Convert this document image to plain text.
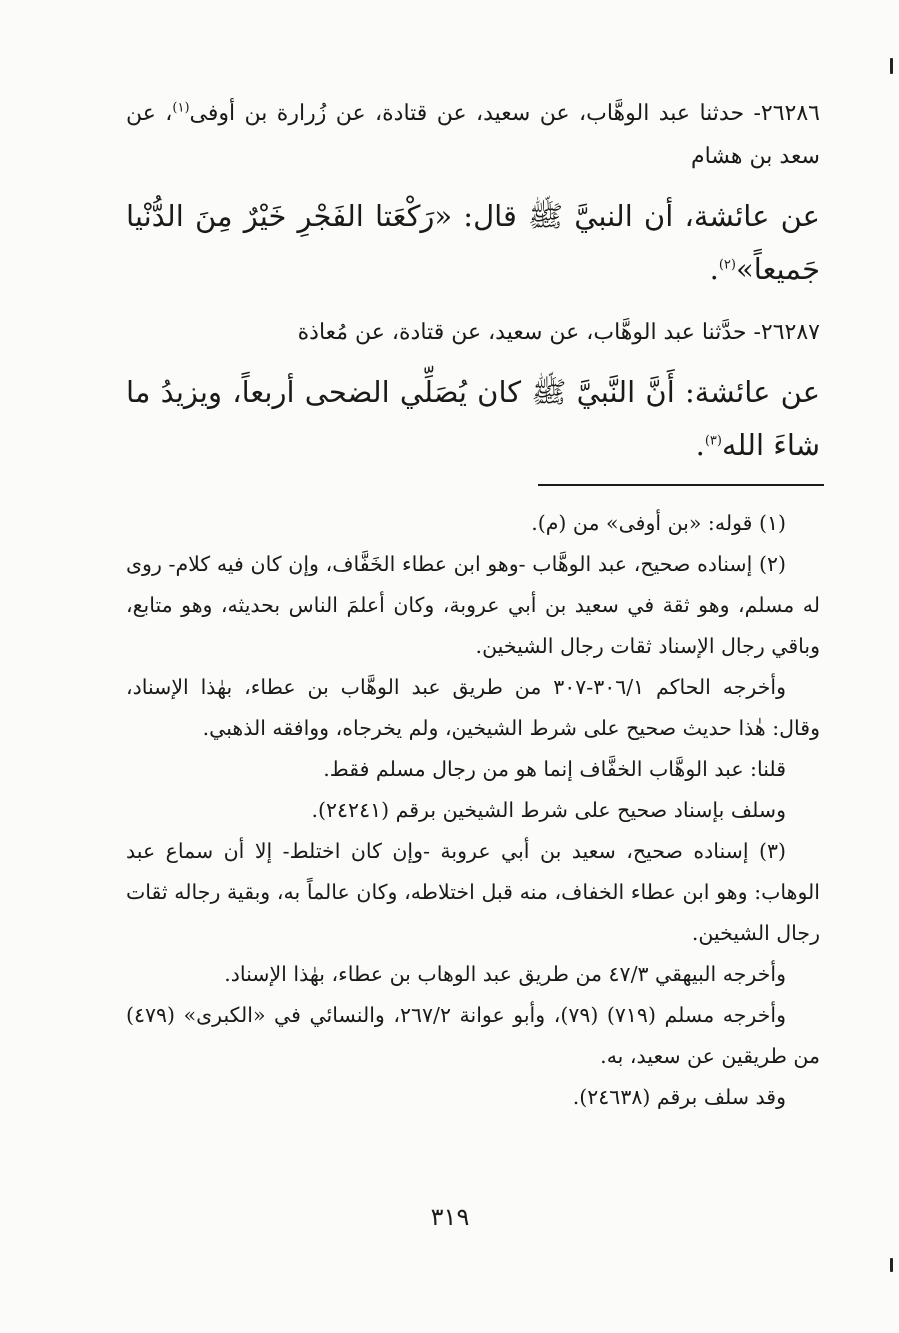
٢٦٢٨٦- حدثنا عبد الوهَّاب، عن سعيد، عن قتادة، عن زُرارة بن أوفى$^{(١)}$، عن سعد بن هشام
عن عائشة، أن النبيَّ ﷺ قال: «رَكْعَتا الفَجْرِ خَيْرٌ مِنَ الدُّنْيا جَميعاً»$^{(٢)}$.
٢٦٢٨٧- حدَّثنا عبد الوهَّاب، عن سعيد، عن قتادة، عن مُعاذة
عن عائشة: أَنَّ النَّبيَّ ﷺ كان يُصَلِّي الضحى أربعاً، ويزيدُ ما شاءَ الله$^{(٣)}$.
(١) قوله: «بن أوفى» من (م).
(٢) إسناده صحيح، عبد الوهَّاب -وهو ابن عطاء الخَفَّاف، وإن كان فيه كلام- روى له مسلم، وهو ثقة في سعيد بن أبي عروبة، وكان أعلمَ الناس بحديثه، وهو متابع، وباقي رجال الإسناد ثقات رجال الشيخين.
وأخرجه الحاكم ٣٠٦/١-٣٠٧ من طريق عبد الوهَّاب بن عطاء، بهٰذا الإسناد، وقال: هٰذا حديث صحيح على شرط الشيخين، ولم يخرجاه، ووافقه الذهبي.
قلنا: عبد الوهَّاب الخفَّاف إنما هو من رجال مسلم فقط.
وسلف بإسناد صحيح على شرط الشيخين برقم (٢٤٢٤١).
(٣) إسناده صحيح، سعيد بن أبي عروبة -وإن كان اختلط- إلا أن سماع عبد الوهاب: وهو ابن عطاء الخفاف، منه قبل اختلاطه، وكان عالماً به، وبقية رجاله ثقات رجال الشيخين.
وأخرجه البيهقي ٤٧/٣ من طريق عبد الوهاب بن عطاء، بهٰذا الإسناد.
وأخرجه مسلم (٧١٩) (٧٩)، وأبو عوانة ٢٦٧/٢، والنسائي في «الكبرى» (٤٧٩) من طريقين عن سعيد، به.
وقد سلف برقم (٢٤٦٣٨).
٣١٩
